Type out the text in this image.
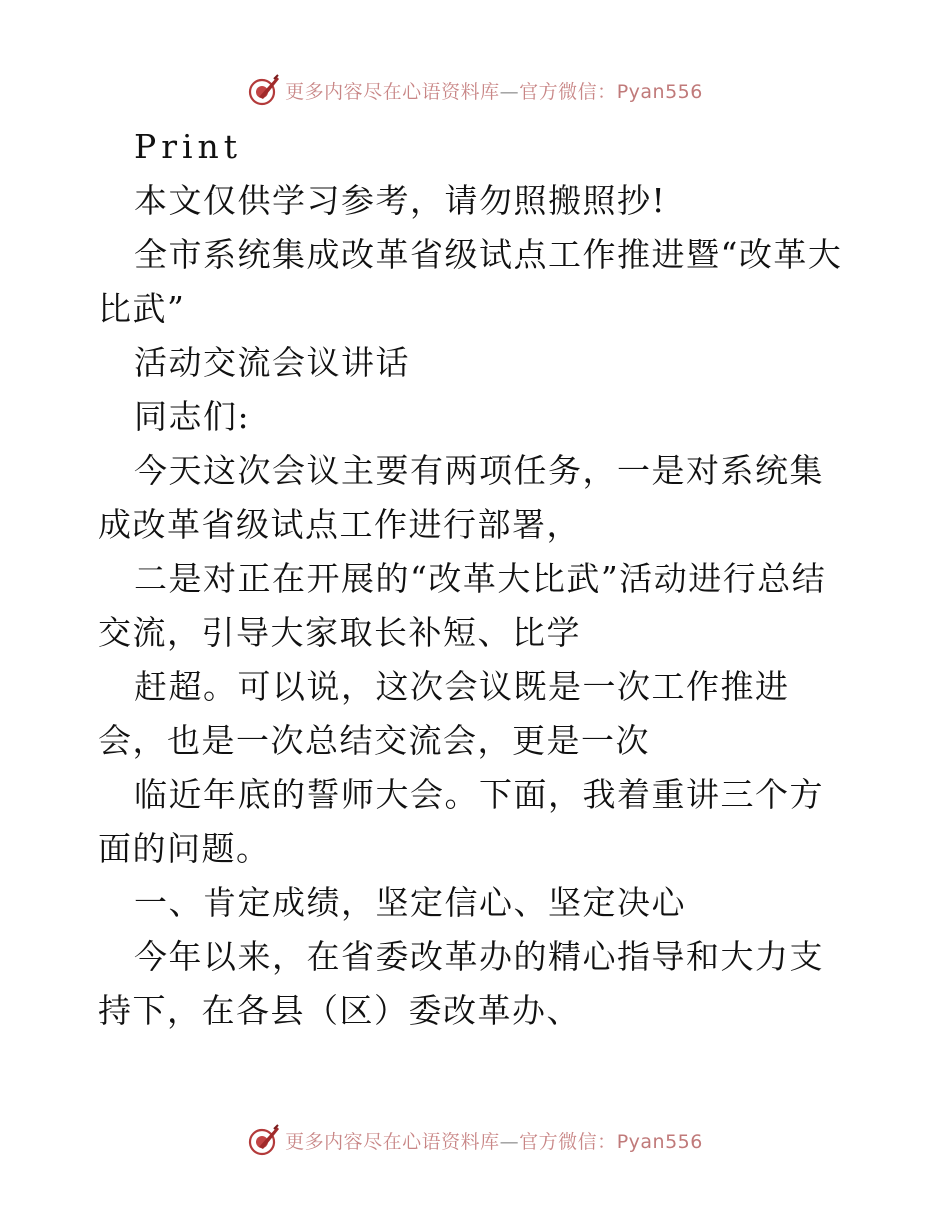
更多内容尽在心语资料库—官方微信：Pyan556

Print

本文仅供学习参考，请勿照搬照抄!

全市系统集成改革省级试点工作推进暨“改革大比武”

活动交流会议讲话

同志们:

今天这次会议主要有两项任务，一是对系统集成改革省级试点工作进行部署，

二是对正在开展的“改革大比武”活动进行总结交流，引导大家取长补短、比学

赶超。可以说，这次会议既是一次工作推进会，也是一次总结交流会，更是一次

临近年底的誓师大会。下面，我着重讲三个方面的问题。

一、肯定成绩，坚定信心、坚定决心

今年以来，在省委改革办的精心指导和大力支持下，在各县（区）委改革办、

更多内容尽在心语资料库—官方微信：Pyan556
